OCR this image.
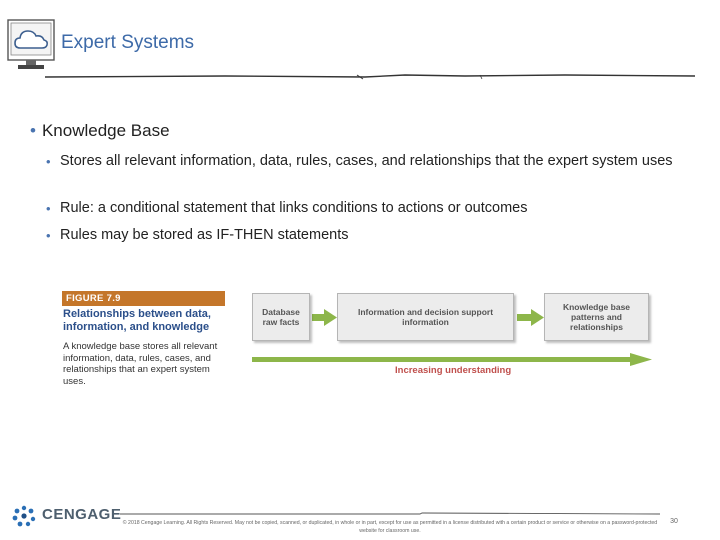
Expert Systems
• Knowledge Base
• Stores all relevant information, data, rules, cases, and relationships that the expert system uses
• Rule: a conditional statement that links conditions to actions or outcomes
• Rules may be stored as IF-THEN statements
FIGURE 7.9
Relationships between data, information, and knowledge
A knowledge base stores all relevant information, data, rules, cases, and relationships that an expert system uses.
Database raw facts
Information and decision support information
Knowledge base patterns and relationships
Increasing understanding
CENGAGE © 2018 Cengage Learning. All Rights Reserved. May not be copied, scanned, or duplicated, in whole or in part, except for use as permitted in a license distributed with a certain product or service or otherwise on a password-protected website for classroom use.
30
